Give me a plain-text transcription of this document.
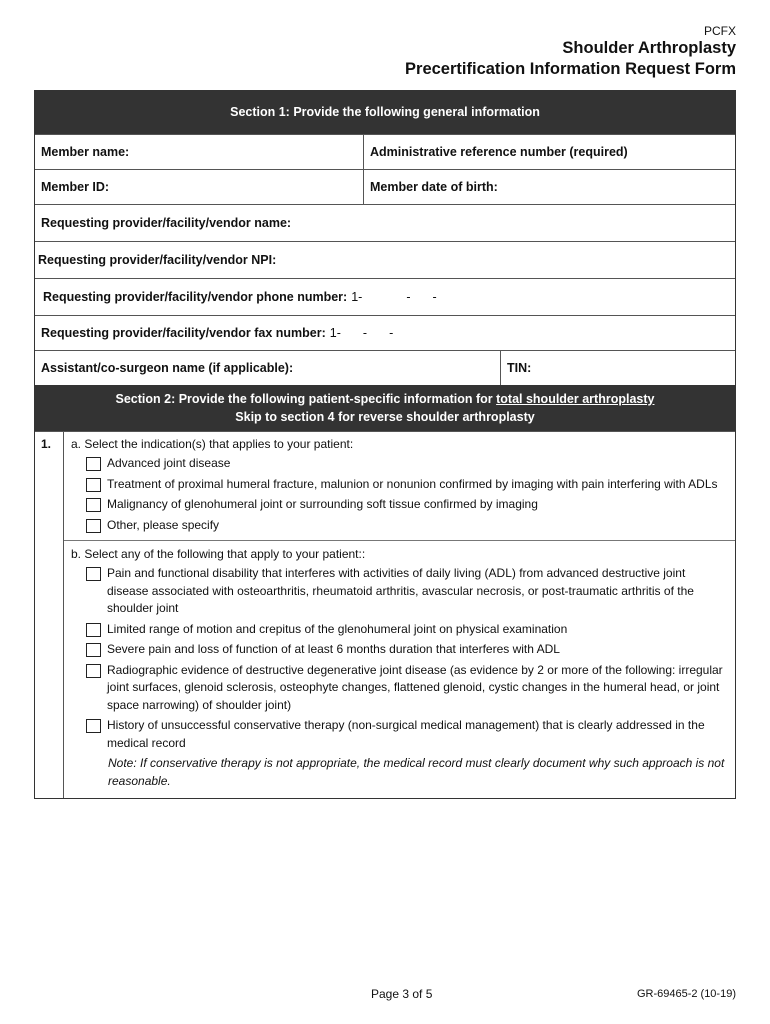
PCFX
Shoulder Arthroplasty
Precertification Information Request Form
Section 1: Provide the following general information
Member name:	Administrative reference number (required)
Member ID:	Member date of birth:
Requesting provider/facility/vendor name:
Requesting provider/facility/vendor NPI:
Requesting provider/facility/vendor phone number: 1-	- -
Requesting provider/facility/vendor fax number: 1- - -
Assistant/co-surgeon name (if applicable):	TIN:
Section 2: Provide the following patient-specific information for total shoulder arthroplasty
Skip to section 4 for reverse shoulder arthroplasty
1.	a. Select the indication(s) that applies to your patient:
Advanced joint disease
Treatment of proximal humeral fracture, malunion or nonunion confirmed by imaging with pain interfering with ADLs
Malignancy of glenohumeral joint or surrounding soft tissue confirmed by imaging
Other, please specify
b. Select any of the following that apply to your patient::
Pain and functional disability that interferes with activities of daily living (ADL) from advanced destructive joint disease associated with osteoarthritis, rheumatoid arthritis, avascular necrosis, or post-traumatic arthritis of the shoulder joint
Limited range of motion and crepitus of the glenohumeral joint on physical examination
Severe pain and loss of function of at least 6 months duration that interferes with ADL
Radiographic evidence of destructive degenerative joint disease (as evidence by 2 or more of the following: irregular joint surfaces, glenoid sclerosis, osteophyte changes, flattened glenoid, cystic changes in the humeral head, or joint space narrowing) of shoulder joint)
History of unsuccessful conservative therapy (non-surgical medical management) that is clearly addressed in the medical record
Note: If conservative therapy is not appropriate, the medical record must clearly document why such approach is not reasonable.
Page 3 of 5	GR-69465-2 (10-19)
